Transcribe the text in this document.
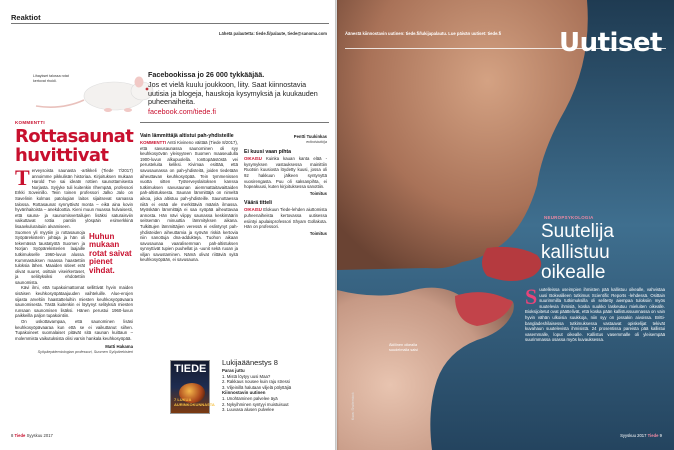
Reaktiot
Lähetä palautetta: tiede.fi/palaute, tiede@sanoma.com
Lihaykset talossa rotat kertovat rhoidi.
KOMMENTTI
Rottasaunat huvittivat
T erveysoista saunasta -artikkeli (Tiede 7/2017) annoimme pikkulisän historiaa. Kirjoituksen mukaan Harold Tve sai ideatn rottien saunottamisesta Norjasta. Syrjyke tuli kuitenkin Ilhempää, professori Erkki Soveinillo. Teiin toinen professori Jalko Jalo on Savelinin kolmas patologian laitos sijaitsevat samassa talossa. Rottasaunat synnyttivät monta – eikä aina kovin hyvänhaitoista – anekdoottia. Kieni muun muassa hulvaisesti, että sauna- ja saunomisvertailujen lisäksi saturaisviin vaikuttavat rottia pantiin ylöspäin esimerkkinä lisaavkuluraituiin alvamiseen.

Huhun mukaan rotat saivat pienet vihdat.

Suomen yli myytiin jo rottasaunoja Syöpärekisterin johtaja ja hän oli tekemässä taustatyötä Suomen ja Norjan Syöpärekisterien laajaille tutkimukselle 1960-luvun alussa. Kummastuksen maassa haastettiin tuloksia lähen. Maaiden sitieet erät olivat suuret, osittain viseirkertaset, ja seliityksiksi ehdotettiin saunomista.

Kävi ilmi, että tupakoimattomat sellittivät hyvin maiden sisäisen keuhkosyöpätaajuuden vaihteluille. Alue-erojen sijasta arveltiin haastatteluihin miesten keuhkosyöpävaara saunomisesta. Tästä kuitenkin ei löytynyt selityksiä miesten runsaan saunomisen lisäksi. Hänen perustui 1960-luvun paikkeilla paljon tupakointiin.

On uskottavampaa, että saunominen lisäsi keuhkosyöpävaaraa kun että se ei vaikuttanut siihen. Tupakoineet suomalaiset pitävät sitä saunan kuittaun – molemmista vaikutuksista olisi varsin hankala keuhkosyöpää.

Matti Hakama
Syöpäepidemiologian professori, Suomen Syöpärekisteri
Facebookissa jo 26 000 tykkääjää.
Jos et vielä kuulu joukkoon, liity. Saat kiinnostavia uutisia ja blogeja, hauskoja kysymyksiä ja kuukauden puheenaiheita.
facebook.com/tiede.fi
Vain lämmittäjä altistui pah-yhdisteille

KOMMENTTI Antti Kivineno väittää (Tiede 8/2017), että savusaunassa saunominen oli syy keuhkosyövän yleisyyteen Suomen maaseudulla 1900-luvun alkupuolella. Ionttopäästöstä vei perusteluita keliksi. Kivimaa esittää, että savusaunassa on pah-yhdisteitä, joiden tiedetään aiheuttavan keuhkosyöpää. Tein tymmenissen vuotta sitten Työterveyslaitoksen kanssa tutkimuksen savusaunan aiemmattaitavaittaiden pah-altistuksesta. Saunan lämmittäjä on nimeltä aikoa, joka altistuu pah-yhdisteille. Saunottaessa niitä ei enää ole merkittäviä määriä ilmassa. Myöskään lämmittäjä ei saa syöpää aiheuttavaa annosta. Hän nävi viippy saunassa keskimäärin seitsemän minuuttia lämmityksen aikana. Tulkittujen lämmittäjien veressä ei eslintynyt pah-yhdisteiden aiheuttamia ja syövän riskiä kertovia niin sanottuja dna-addukteja. Tuohon aikaan savusaunaa vaaralisemman pah-altistuksen synnyttivät tupien puuhellat ja -uunit sekä ruoan ja viljan savustaminen. Nämä olivat riittäviä syitä keuhkosyöpään, ei savusauna.

Pentti Tuukinkas
erikoistutkija
Ei kuusi vaan pihta

OIKAISU Kuinka kauan kanta elää -kysymyksen vastauksessa mainittiin Ruotsin kuusiosta löydetty kuusi, jossa oli 92 hakkuun jälkeen syntynyttä vuosirengasta. Puu oli saksanpihta, ei hopeakuusi, kuten kirjoituksessa sanottiin.

Toimitus
Väärä titteli

OIKAISU Elokuun Tiede-lehden aiuttomista puheenaiheista kertovassa uutisessa esiintyi apulaisprofessori Shyam Gollakota. Hän on professori.

Toimitus
TIEDE
7 LUKUA AURINKOKUNNASTA
Lukijaäänestys 8
Paras juttu
1. Mistä löytyy uusi Maa?
2. Rakkaus nousee kuin raju stressi
3. Viljeinillä halutaan viljelä pölyttäjiä
Kiinnostavin uutinen
1. Unohtaminen palvelee äyä
2. Nykyihminen syntyyi muistuisuut
3. Luuvasa alusen pulvelee
8 Tiede Syyskuu 2017
Äänestä kiinnostavin uutinen: tiede.fi/lukijapalautu. Lue päivän uutiset: tiede.fi Uutiset
NEUROPSYKOLOGIA
Suutelija kallistuu oikealle
S uutelleissa useimpien ihmisten pää kallistuu oikealle, vahvistaa uusi Bokealileen tutkimus Scientific Reports -lehdessä. Osittain suurimmilla tutkimuksilla oli selitetty aiempaa tuloksiin myös suutelevia ihmisiä, koska suukko laskeutuu mieluiten oikealle. Bioksijoitetut ovat päättelivät, että koska pään kallistussuunnassa on vain hyvin vähän ulkoisia suukkoja, niin syy on jossakin aivoissa. Britti-bangladeshilaisessa tutkimuksessa vastaavat opiskelijat tekivät kuvahaun suutelevista ihmisistä. 24 prosentissa pareista pää kallistui vasemmalle, loput oikealle. Kallistus vasemmalle oli yleisempää suurimmassa osassa myös kuvauksessa.
Äkillinen oikealla suudelmalla saisi
Kuva: Shutterstock
Syyskuu 2017 Tiede 9
